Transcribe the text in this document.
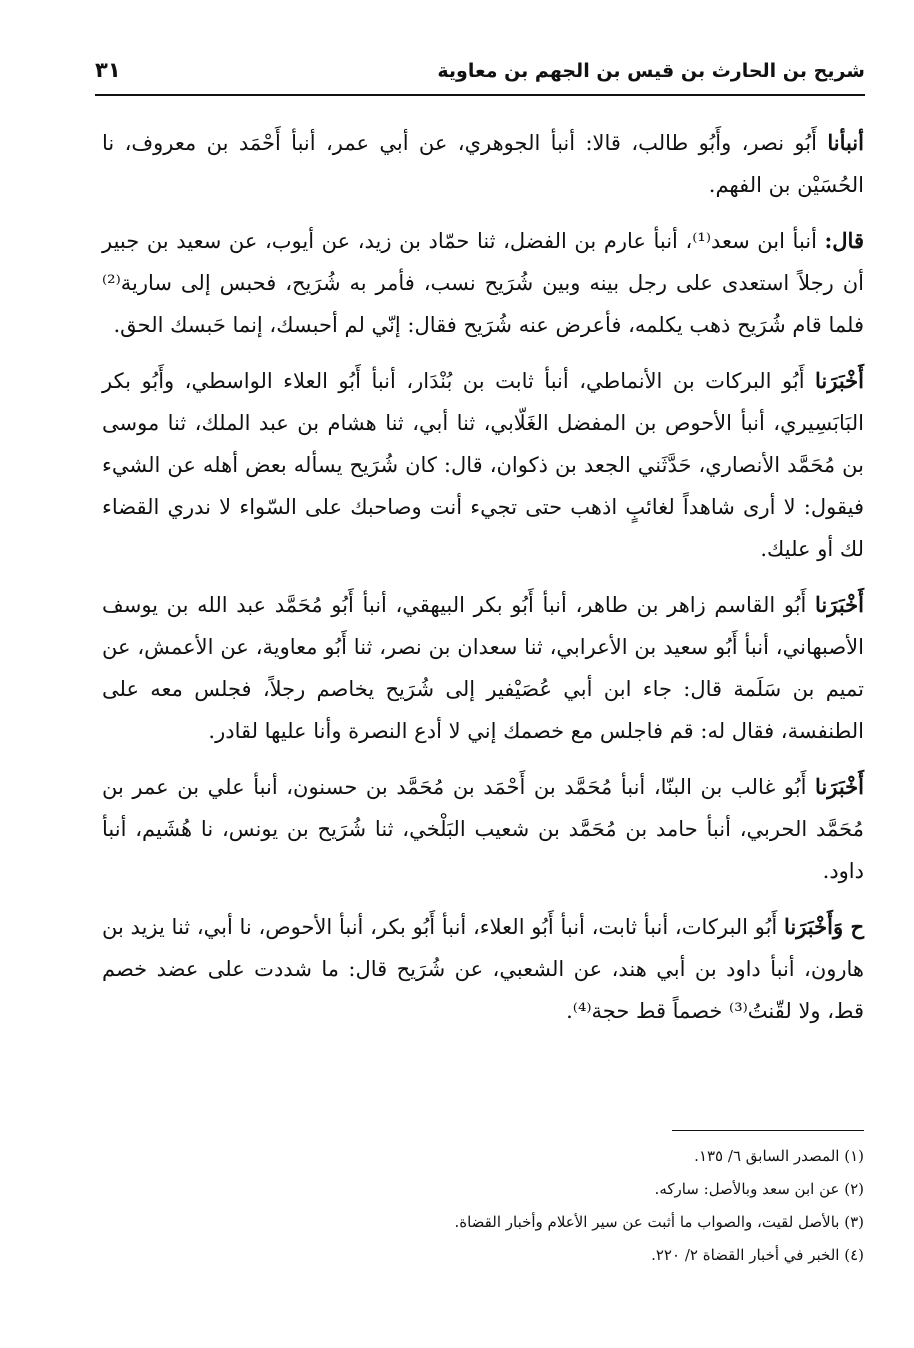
شريح بن الحارث بن قيس بن الجهم بن معاوية
٣١

أنبأنا أَبُو نصر، وأَبُو طالب، قالا: أنبأ الجوهري، عن أبي عمر، أنبأ أَحْمَد بن معروف، نا الحُسَيْن بن الفهم.

قال: أنبأ ابن سعد⁽¹⁾، أنبأ عارم بن الفضل، ثنا حمّاد بن زيد، عن أيوب، عن سعيد بن جبير أن رجلاً استعدى على رجل بينه وبين شُرَيح نسب، فأمر به شُرَيح، فحبس إلى سارية⁽²⁾ فلما قام شُرَيح ذهب يكلمه، فأعرض عنه شُرَيح فقال: إنّي لم أحبسك، إنما حَبسك الحق.

أَخْبَرَنا أَبُو البركات بن الأنماطي، أنبأ ثابت بن بُنْدَار، أنبأ أَبُو العلاء الواسطي، وأَبُو بكر البَابَسِيري، أنبأ الأحوص بن المفضل الغَلّابي، ثنا أبي، ثنا هشام بن عبد الملك، ثنا موسى بن مُحَمَّد الأنصاري، حَدَّثَني الجعد بن ذكوان، قال: كان شُرَيح يسأله بعض أهله عن الشيء فيقول: لا أرى شاهداً لغائبٍ اذهب حتى تجيء أنت وصاحبك على السّواء لا ندري القضاء لك أو عليك.

أَخْبَرَنا أَبُو القاسم زاهر بن طاهر، أنبأ أَبُو بكر البيهقي، أنبأ أَبُو مُحَمَّد عبد الله بن يوسف الأصبهاني، أنبأ أَبُو سعيد بن الأعرابي، ثنا سعدان بن نصر، ثنا أَبُو معاوية، عن الأعمش، عن تميم بن سَلَمة قال: جاء ابن أبي عُصَيْفير إلى شُرَيح يخاصم رجلاً، فجلس معه على الطنفسة، فقال له: قم فاجلس مع خصمك إني لا أدع النصرة وأنا عليها لقادر.

أَخْبَرَنا أَبُو غالب بن البنّا، أنبأ مُحَمَّد بن أَحْمَد بن مُحَمَّد بن حسنون، أنبأ علي بن عمر بن مُحَمَّد الحربي، أنبأ حامد بن مُحَمَّد بن شعيب البَلْخي، ثنا شُرَيح بن يونس، نا هُشَيم، أنبأ داود.

ح وَأَخْبَرَنا أَبُو البركات، أنبأ ثابت، أنبأ أَبُو العلاء، أنبأ أَبُو بكر، أنبأ الأحوص، نا أبي، ثنا يزيد بن هارون، أنبأ داود بن أبي هند، عن الشعبي، عن شُرَيح قال: ما شددت على عضد خصم قط، ولا لقّنتُ⁽³⁾ خصماً قط حجة⁽⁴⁾.

(١) المصدر السابق ٦/ ١٣٥.
(٢) عن ابن سعد وبالأصل: ساركه.
(٣) بالأصل لقيت، والصواب ما أثبت عن سير الأعلام وأخبار القضاة.
(٤) الخبر في أخبار القضاة ٢/ ٢٢٠.
